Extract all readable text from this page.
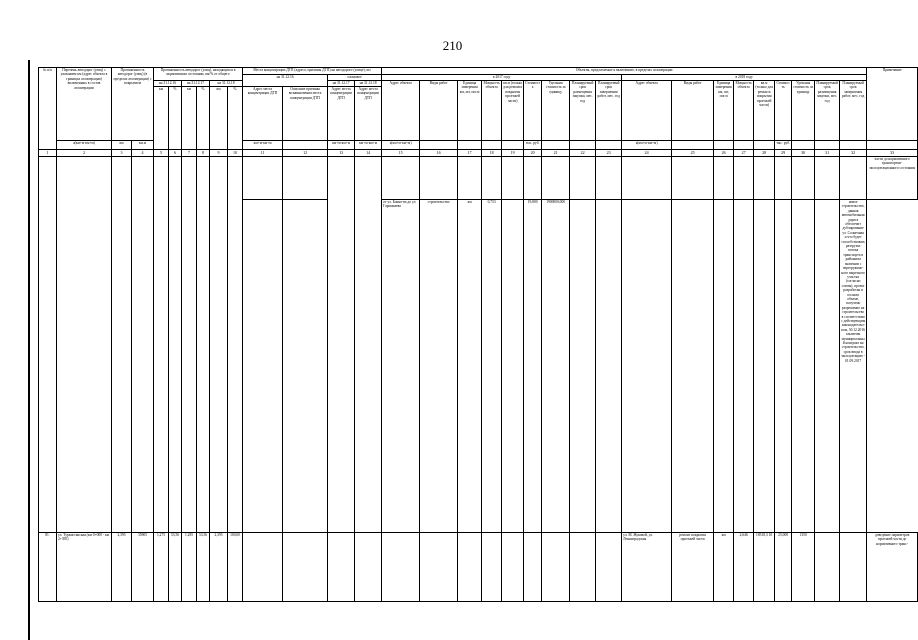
210
№ п/п	Перечень автодорог (улиц) с указанием км (адрес объекта в границах агломерации) включенных в состав агломерации	Протяженность автодорог (улиц) (в пределах агломерации) с покрытием		Протяженность автодорог (улиц), находящихся в нормативном состоянии, км/% от общего						Места концентрации ДТП (адреса, причины ДТП) на автодороге (улице), шт				Объекты, предлагаемые к включению, в пределах агломерации																		Примечание
										на 31.12.16		плановое		в 2017 году									в 2018 году									
				на 31.12.16		на 31.12.17		на 31.12.18				на 31.12.17	на 31.12.18	Адрес объекта	Виды работ	Единица измерения км, шт, пог.м	Мощность объекта	кв.м (только для ремонта покрытия проезжей части)	Стоимость	Удельная стоимость за единицу	Планируемый срок размещения закупки, мес. год	Планируемый срок завершения работ, мес. год	Адрес объекта	Виды работ	Единица измерения км, шт, пог.м	Мощность объекта	кв.м (только для ремонта покрытия проезжей части)	Стоимость	Удельная стоимость за единицу	Планируемый срок размещения закупки, мес. год	Планируемый срок завершения работ, мес. год	
				км	%	км	%	км	%	Адрес места концентрации ДТП	Описание причины возникновения места концентрации ДТП	Адрес места концентрации ДТП	Адрес места концентрации ДТП																			
	а(км+м-км+м)	км	км.м							км+м-км+м		км+м-км+м	км+м-км+м	а(км+м-км+м)					тыс. руб.				а(км+м-км+м)					тыс. руб.				
1	2	3	4	5	6	7	8	9	10	11	12	13	14	15	16	17	18	19	20	21	22	23	24	25	26	27	28	29	30	31	32	33
																																части до нормативного транспортно-эксплуатационного состояния
														от ул. Бонно-ва до ул. Гармонаева	строительство	км	0,753		19,800	1900000,000											новое строительство, данная автомобильная дорога обеспечит дублирование ул. Солнечная и что будет способствовать разгрузке потока транспорта в районном значении с перегружено-ного вырезного участка (согласно схемы), проект разработан в полном объеме, получено разрешение на строительство в соответствии с действующим законодательством, 30.12.2016 заключен муниципальный контракт на строительство, срок ввода в эксплуатацию - 01.09.2017	
81.	ул. Туркистанская (км 0+000 - км 2+395)	2,395	35905	1,275	53,56	1,285	53,56	2,395	100,00														ул. М. Жуковой, ул. Ленинградская	ремонт покрытия проезжей части	км	2,646	18518,3 10	25,000	1350			доведение параметров проезжей части до нормативного транс-
